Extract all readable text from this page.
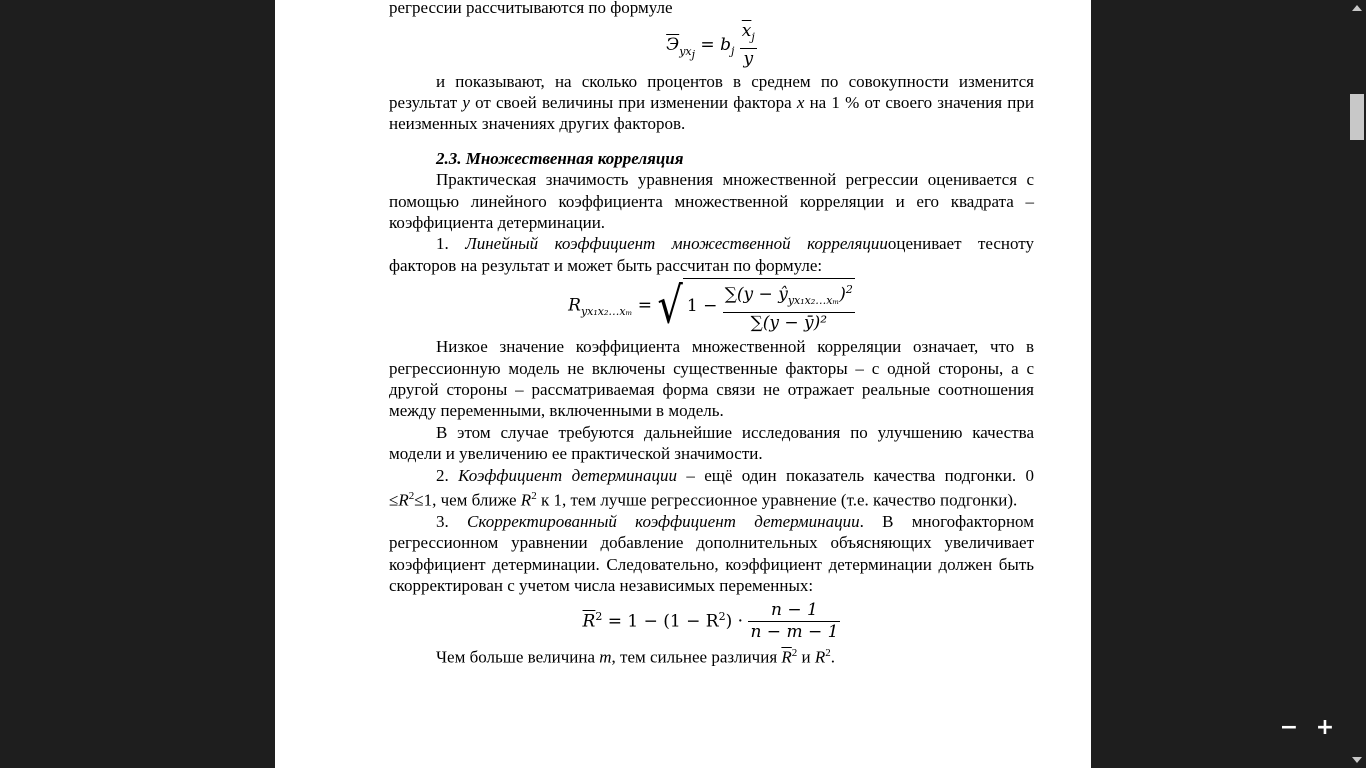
регрессии рассчитываются по формуле

$Э_{yx_j} = b_j \frac{\overline{x}_j}{y}$

и показывают, на сколько процентов в среднем по совокупности изменится результат y от своей величины при изменении фактора x на 1 % от своего значения при неизменных значениях других факторов.

2.3. Множественная корреляция

Практическая значимость уравнения множественной регрессии оценивается с помощью линейного коэффициента множественной корреляции и его квадрата – коэффициента детерминации.

1. Линейный коэффициент множественной корреляцииоценивает тесноту факторов на результат и может быть рассчитан по формуле:

$R_{yx_1x_2\dots x_m}$ = √ $1 - \frac{\sum(y - ŷ_{yx_1x_2\dots x_m})^2}{\text{∑(y − ȳ)²}}$

Низкое значение коэффициента множественной корреляции означает, что в регрессионную модель не включены существенные факторы – с одной стороны, а с другой стороны – рассматриваемая форма связи не отражает реальные соотношения между переменными, включенными в модель.

В этом случае требуются дальнейшие исследования по улучшению качества модели и увеличению ее практической значимости.

2. Коэффициент детерминации – ещё один показатель качества подгонки. $0 \le R^2\le 1$, чем ближе $R^2$ к 1, тем лучше регрессионное уравнение (т.е. качество подгонки).

3. Скорректированный коэффициент детерминации. В многофакторном регрессионном уравнении добавление дополнительных объясняющих увеличивает коэффициент детерминации. Следовательно, коэффициент детерминации должен быть скорректирован с учетом числа независимых переменных:

$\overline{R}^2 = 1 - (1 - R^2) \cdot \frac{n - 1}{n - m - 1}$

Чем больше величина m, тем сильнее различия $\overline{R}^2$ и $R^2$.

− +
